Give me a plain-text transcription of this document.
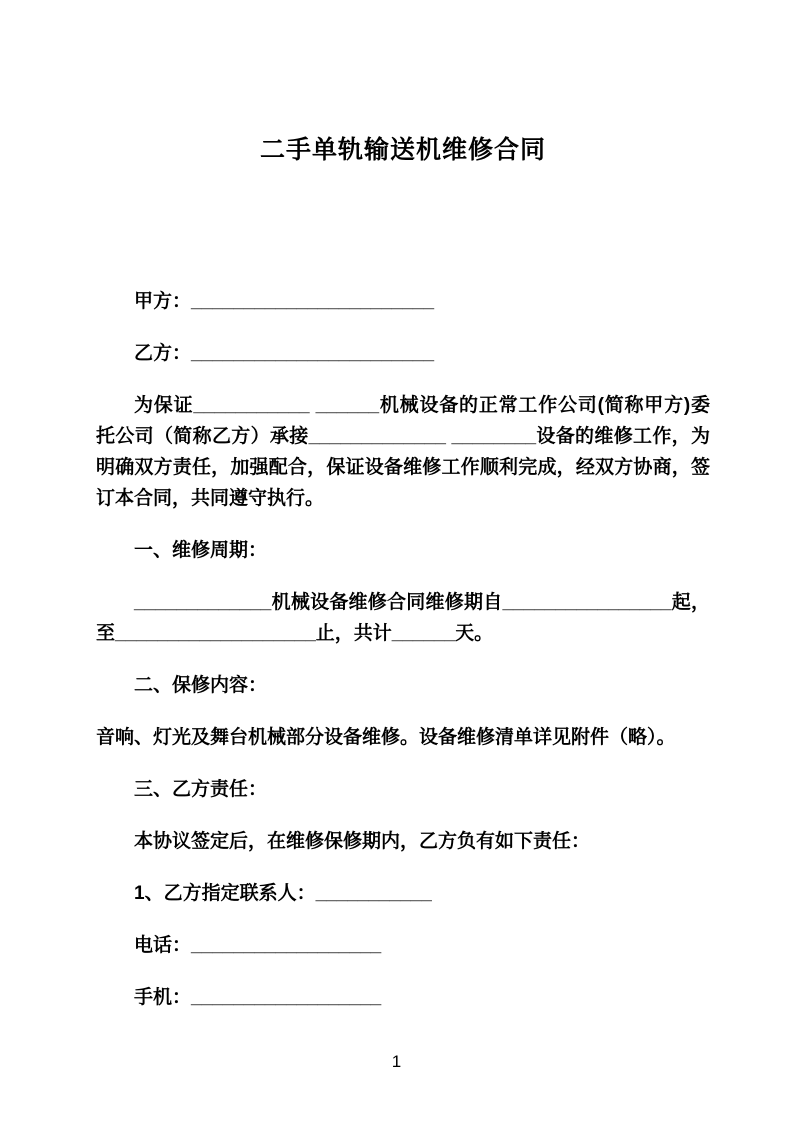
二手单轨输送机维修合同

甲方：_______________________

乙方：_______________________

为保证___________ ______机械设备的正常工作公司(简称甲方)委托公司（简称乙方）承接_____________ ________设备的维修工作，为明确双方责任，加强配合，保证设备维修工作顺利完成，经双方协商，签订本合同，共同遵守执行。

一、维修周期：

_____________机械设备维修合同维修期自________________起，至___________________止，共计______天。

二、保修内容：

音响、灯光及舞台机械部分设备维修。设备维修清单详见附件（略）。

三、乙方责任：

本协议签定后，在维修保修期内，乙方负有如下责任：

1、乙方指定联系人：___________

电话：__________________

手机：__________________

1
